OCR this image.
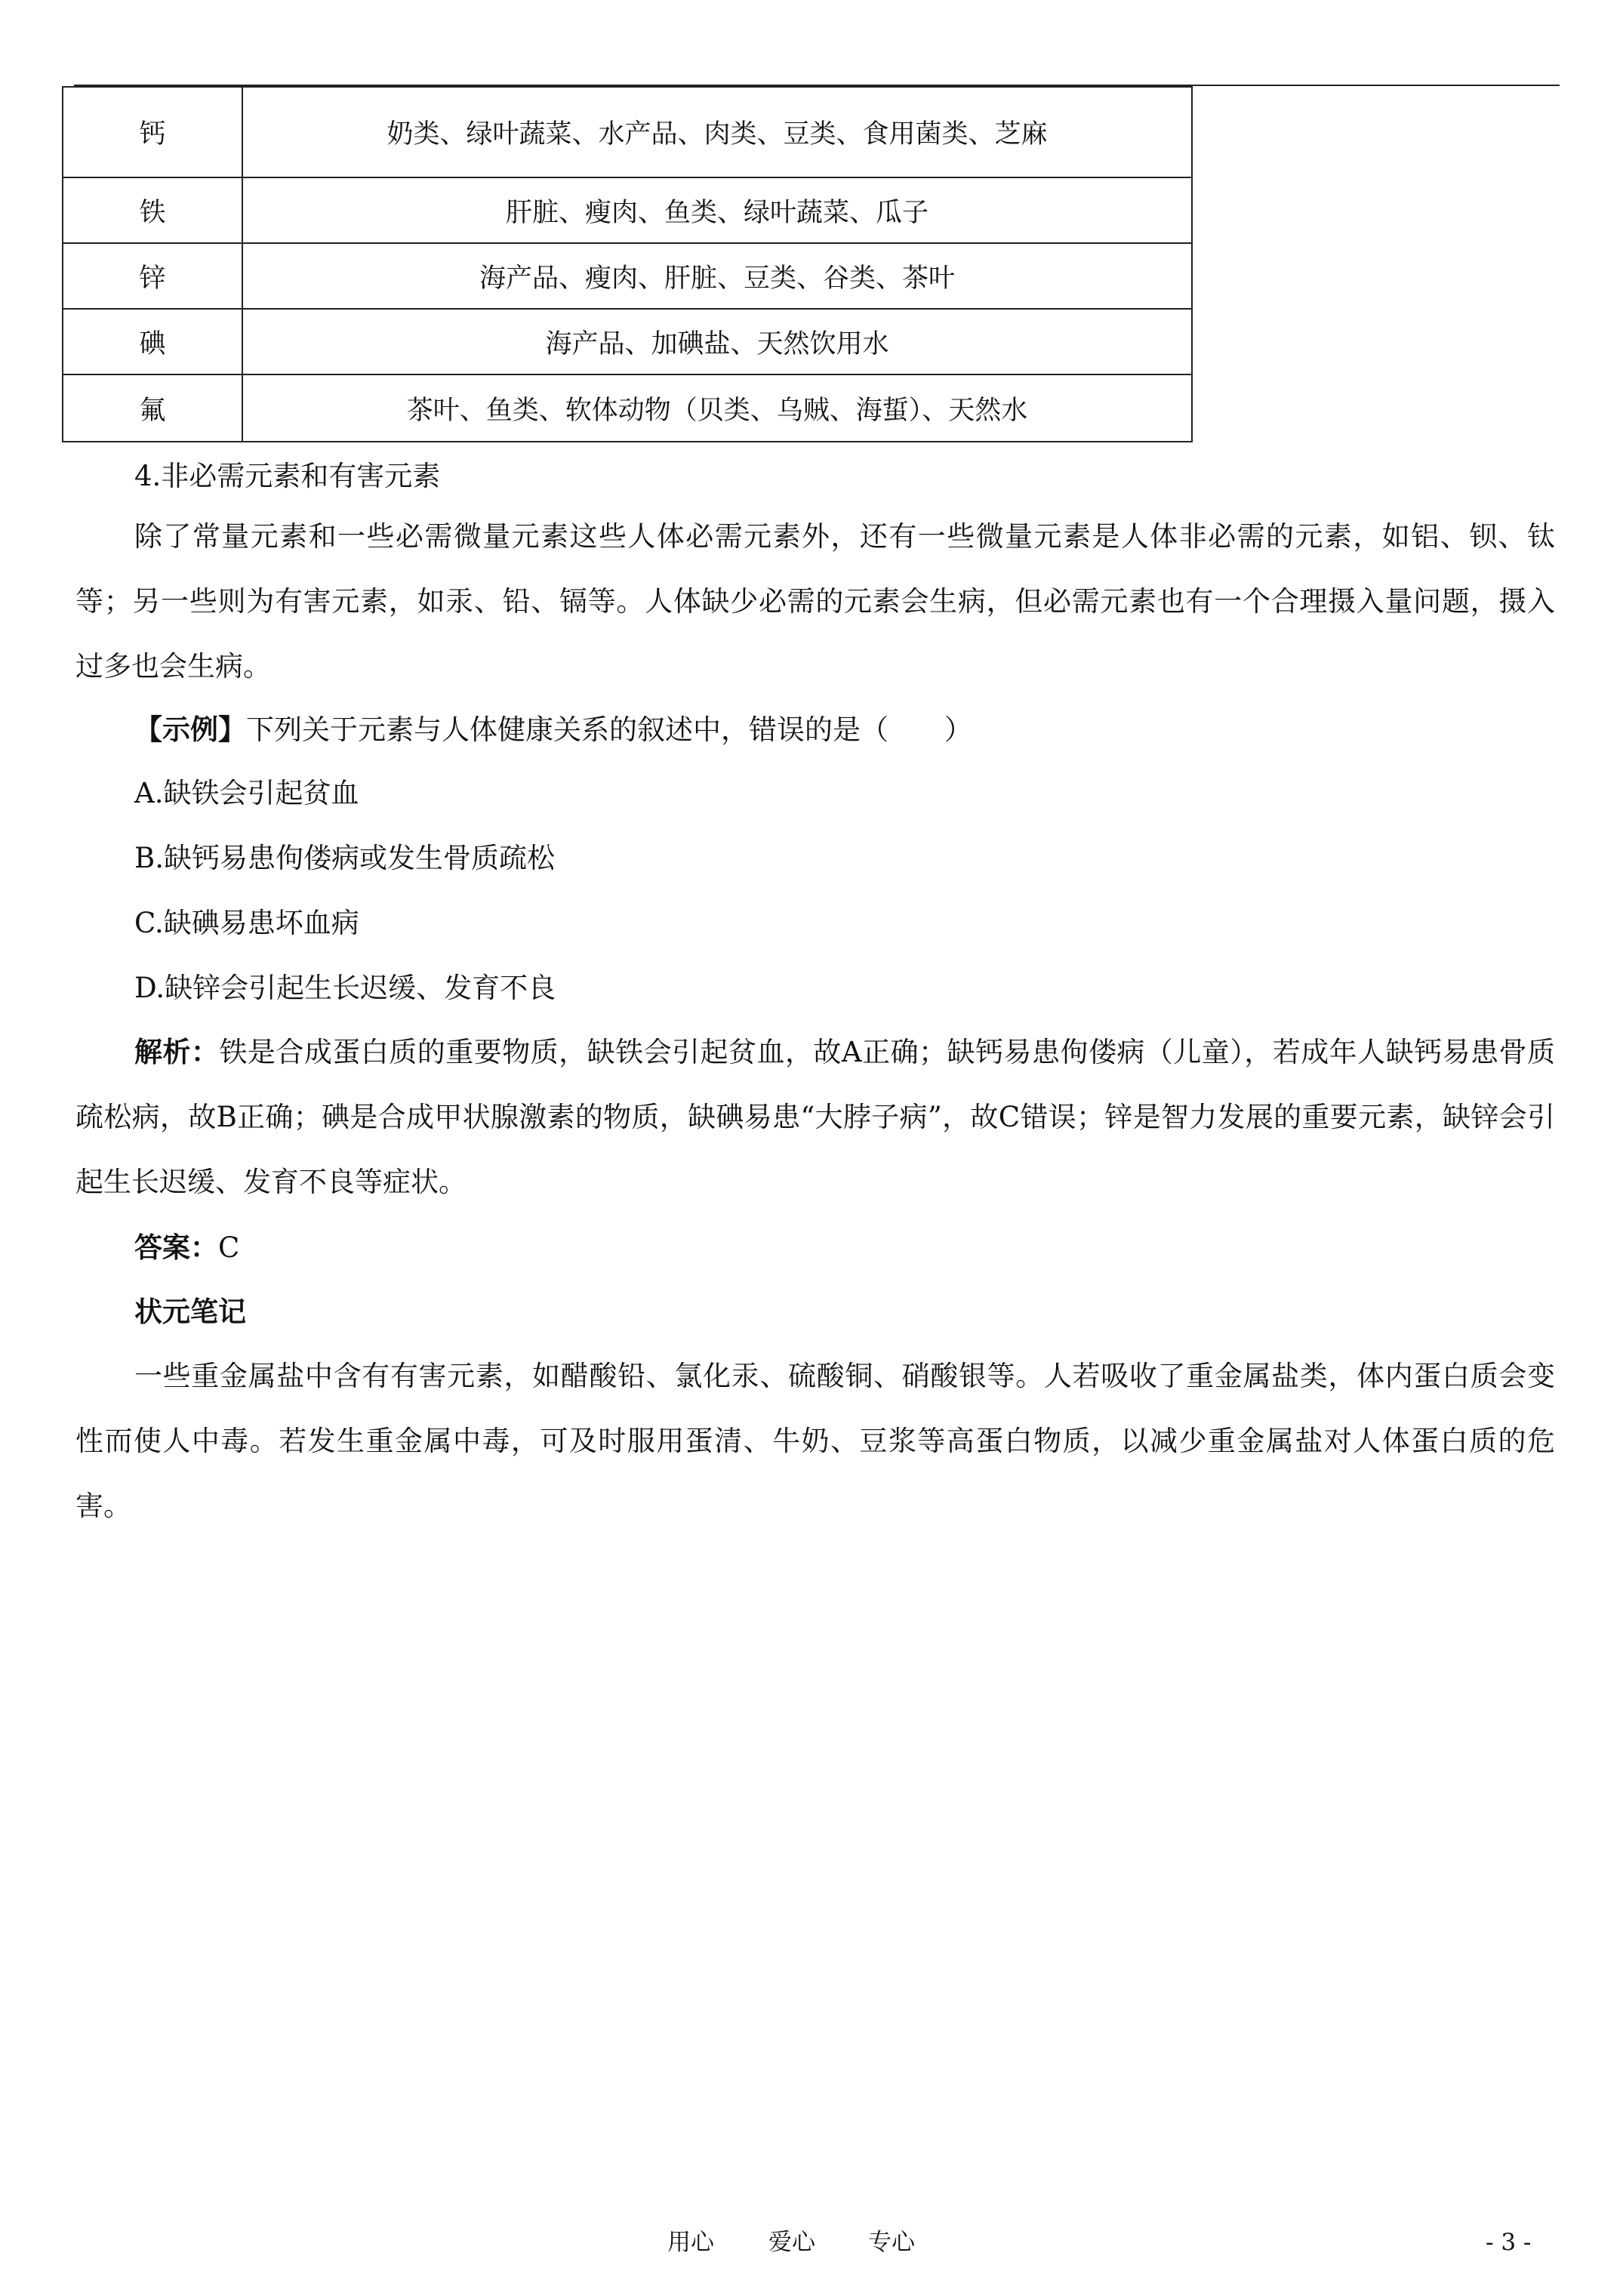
钙	奶类、绿叶蔬菜、水产品、肉类、豆类、食用菌类、芝麻
铁	肝脏、瘦肉、鱼类、绿叶蔬菜、瓜子
锌	海产品、瘦肉、肝脏、豆类、谷类、茶叶
碘	海产品、加碘盐、天然饮用水
氟	茶叶、鱼类、软体动物（贝类、乌贼、海蜇）、天然水
4.非必需元素和有害元素

除了常量元素和一些必需微量元素这些人体必需元素外，还有一些微量元素是人体非必需的元素，如铝、钡、钛等；另一些则为有害元素，如汞、铅、镉等。人体缺少必需的元素会生病，但必需元素也有一个合理摄入量问题，摄入过多也会生病。

【示例】下列关于元素与人体健康关系的叙述中，错误的是（　　）
A.缺铁会引起贫血
B.缺钙易患佝偻病或发生骨质疏松
C.缺碘易患坏血病
D.缺锌会引起生长迟缓、发育不良

解析：铁是合成蛋白质的重要物质，缺铁会引起贫血，故A正确；缺钙易患佝偻病（儿童），若成年人缺钙易患骨质疏松病，故B正确；碘是合成甲状腺激素的物质，缺碘易患“大脖子病”，故C错误；锌是智力发展的重要元素，缺锌会引起生长迟缓、发育不良等症状。

答案：C
状元笔记

一些重金属盐中含有有害元素，如醋酸铅、氯化汞、硫酸铜、硝酸银等。人若吸收了重金属盐类，体内蛋白质会变性而使人中毒。若发生重金属中毒，可及时服用蛋清、牛奶、豆浆等高蛋白物质，以减少重金属盐对人体蛋白质的危害。

用心 爱心 专心	- 3 -
